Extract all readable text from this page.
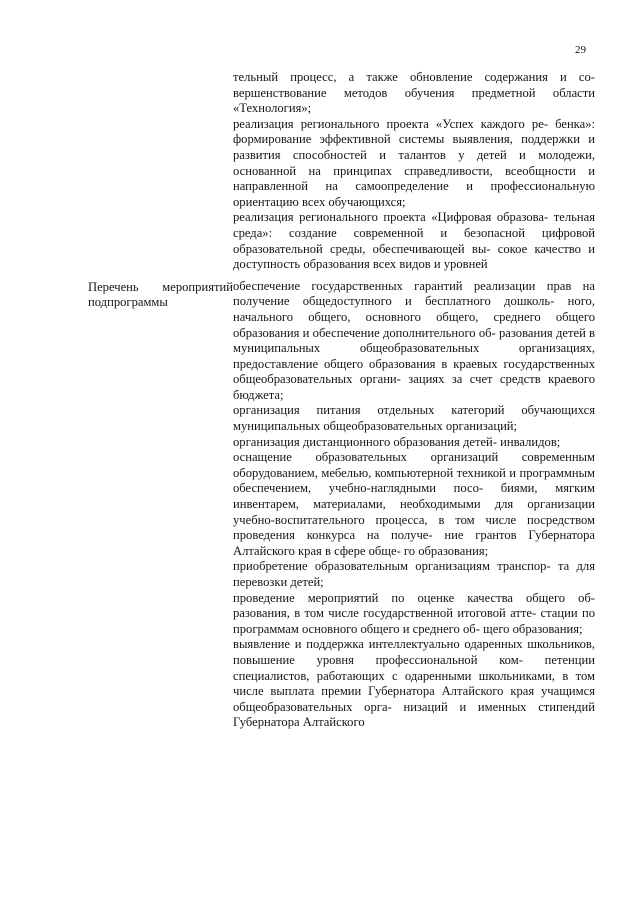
29

тельный процесс, а также обновление содержания и со- вершенствование методов обучения предметной области «Технология»;

реализация регионального проекта «Успех каждого ре- бенка»: формирование эффективной системы выявления, поддержки и развития способностей и талантов у детей и молодежи, основанной на принципах справедливости, всеобщности и направленной на самоопределение и профессиональную ориентацию всех обучающихся;

реализация регионального проекта «Цифровая образова- тельная среда»: создание современной и безопасной цифровой образовательной среды, обеспечивающей вы- сокое качество и доступность образования всех видов и уровней

Перечень мероприятий подпрограммы

обеспечение государственных гарантий реализации прав на получение общедоступного и бесплатного дошколь- ного, начального общего, основного общего, среднего общего образования и обеспечение дополнительного об- разования детей в муниципальных общеобразовательных организациях, предоставление общего образования в краевых государственных общеобразовательных органи- зациях за счет средств краевого бюджета;

организация питания отдельных категорий обучающихся муниципальных общеобразовательных организаций;

организация дистанционного образования детей- инвалидов;

оснащение образовательных организаций современным оборудованием, мебелью, компьютерной техникой и программным обеспечением, учебно-наглядными посо- биями, мягким инвентарем, материалами, необходимыми для организации учебно-воспитательного процесса, в том числе посредством проведения конкурса на получе- ние грантов Губернатора Алтайского края в сфере обще- го образования;

приобретение образовательным организациям транспор- та для перевозки детей;

проведение мероприятий по оценке качества общего об- разования, в том числе государственной итоговой атте- стации по программам основного общего и среднего об- щего образования;

выявление и поддержка интеллектуально одаренных школьников, повышение уровня профессиональной ком- петенции специалистов, работающих с одаренными школьниками, в том числе выплата премии Губернатора Алтайского края учащимся общеобразовательных орга- низаций и именных стипендий Губернатора Алтайского
